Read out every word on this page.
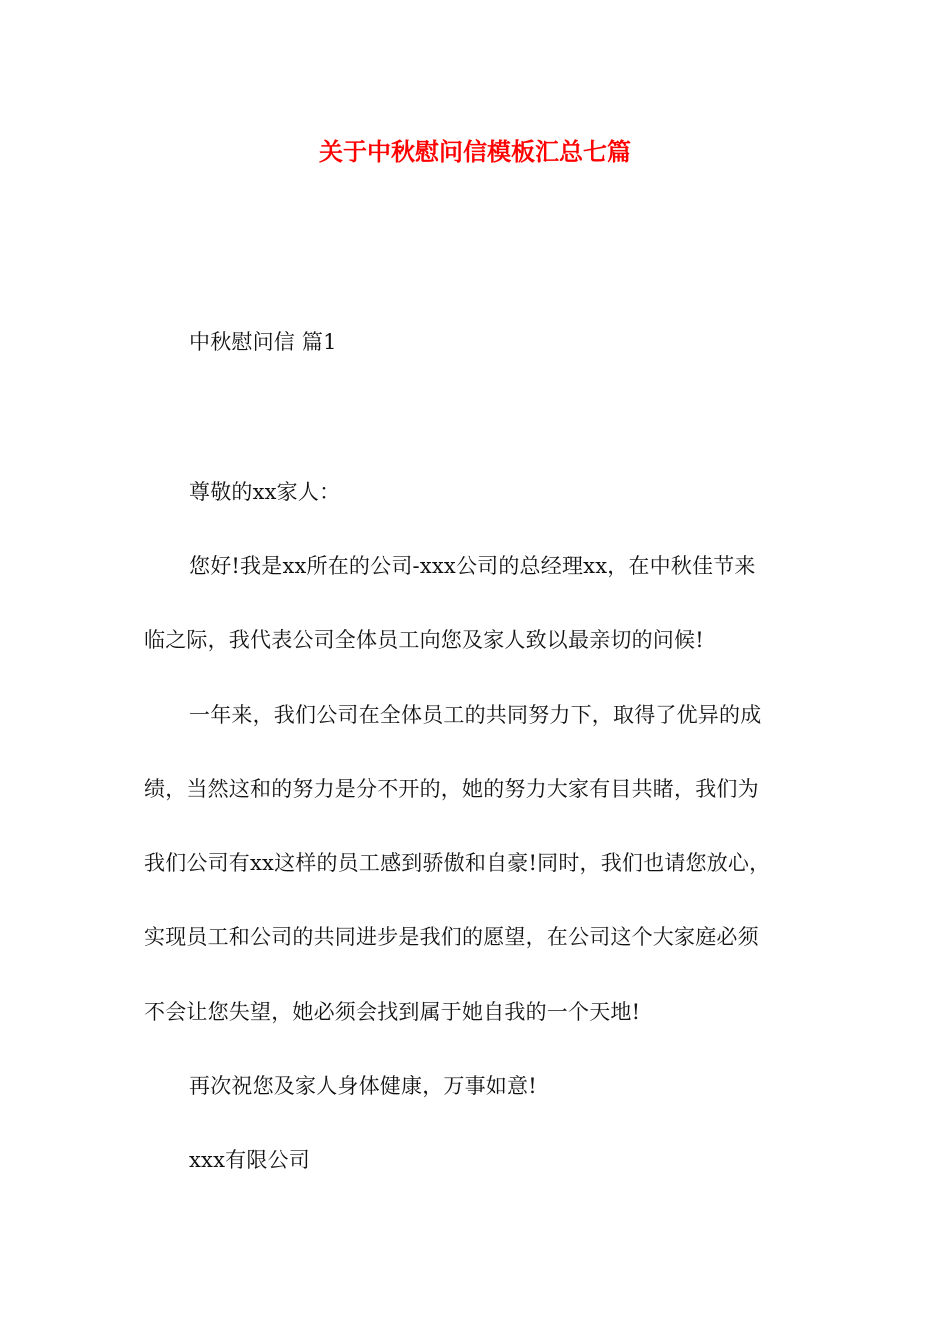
关于中秋慰问信模板汇总七篇
中秋慰问信 篇1
尊敬的xx家人：
您好!我是xx所在的公司-xxx公司的总经理xx，在中秋佳节来
临之际，我代表公司全体员工向您及家人致以最亲切的问候!
一年来，我们公司在全体员工的共同努力下，取得了优异的成
绩，当然这和的努力是分不开的，她的努力大家有目共睹，我们为
我们公司有xx这样的员工感到骄傲和自豪!同时，我们也请您放心，
实现员工和公司的共同进步是我们的愿望，在公司这个大家庭必须
不会让您失望，她必须会找到属于她自我的一个天地!
再次祝您及家人身体健康，万事如意!
xxx有限公司
